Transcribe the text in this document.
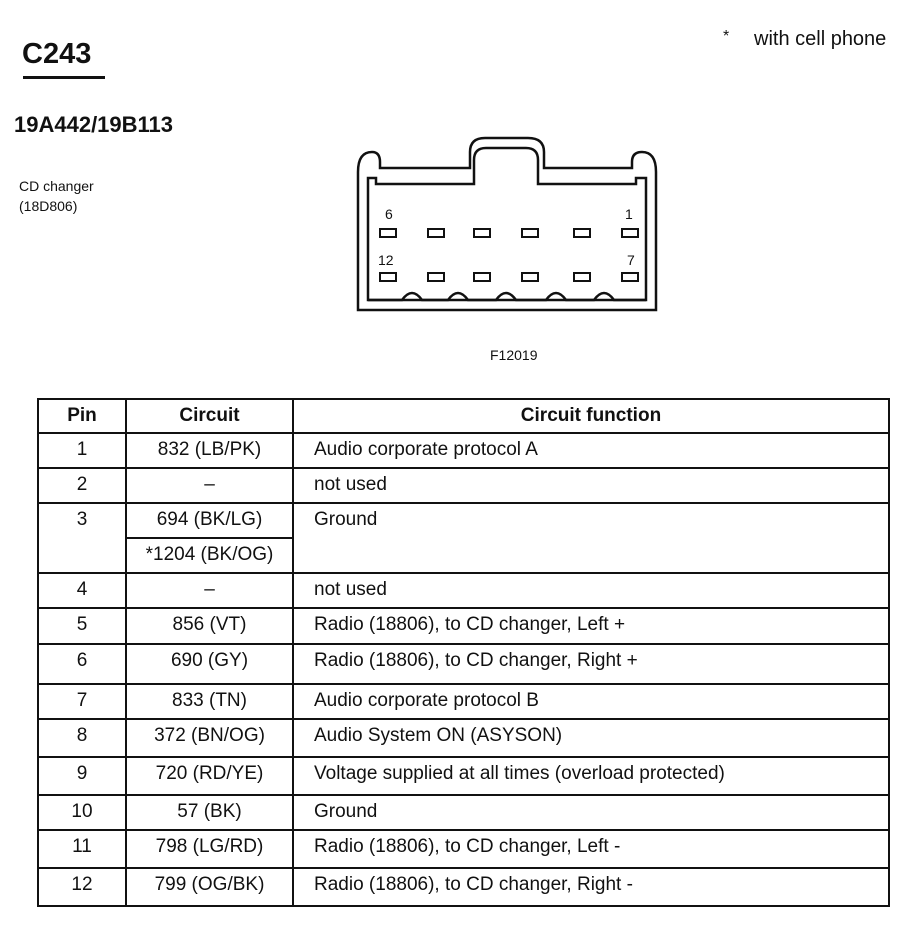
C243
19A442/19B113
CD changer
(18D806)
* with cell phone
6	1
12	7
F12019
Pin	Circuit	Circuit function
1	832 (LB/PK)	Audio corporate protocol A
2	–	not used
3	694 (BK/LG)	Ground
	*1204 (BK/OG)	
4	–	not used
5	856 (VT)	Radio (18806), to CD changer, Left +
6	690 (GY)	Radio (18806), to CD changer, Right +
7	833 (TN)	Audio corporate protocol B
8	372 (BN/OG)	Audio System ON (ASYSON)
9	720 (RD/YE)	Voltage supplied at all times (overload protected)
10	57 (BK)	Ground
11	798 (LG/RD)	Radio (18806), to CD changer, Left -
12	799 (OG/BK)	Radio (18806), to CD changer, Right -
